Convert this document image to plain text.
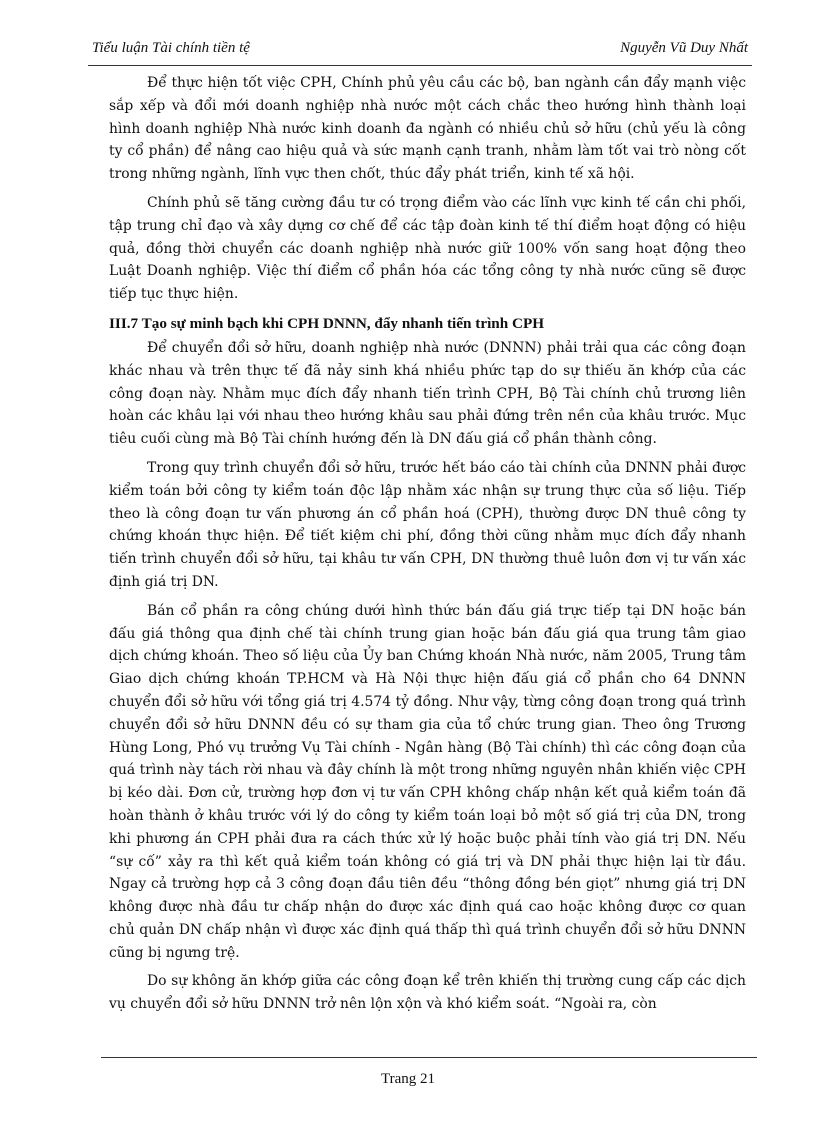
Tiểu luận Tài chính tiền tệ	Nguyễn Vũ Duy Nhất

Để thực hiện tốt việc CPH, Chính phủ yêu cầu các bộ, ban ngành cần đẩy mạnh việc sắp xếp và đổi mới doanh nghiệp nhà nước một cách chắc theo hướng hình thành loại hình doanh nghiệp Nhà nước kinh doanh đa ngành có nhiều chủ sở hữu (chủ yếu là công ty cổ phần) để nâng cao hiệu quả và sức mạnh cạnh tranh, nhằm làm tốt vai trò nòng cốt trong những ngành, lĩnh vực then chốt, thúc đẩy phát triển, kinh tế xã hội.

Chính phủ sẽ tăng cường đầu tư có trọng điểm vào các lĩnh vực kinh tế cần chi phối, tập trung chỉ đạo và xây dựng cơ chế để các tập đoàn kinh tế thí điểm hoạt động có hiệu quả, đồng thời chuyển các doanh nghiệp nhà nước giữ 100% vốn sang hoạt động theo Luật Doanh nghiệp. Việc thí điểm cổ phần hóa các tổng công ty nhà nước cũng sẽ được tiếp tục thực hiện.

III.7 Tạo sự minh bạch khi CPH DNNN, đẩy nhanh tiến trình CPH

Để chuyển đổi sở hữu, doanh nghiệp nhà nước (DNNN) phải trải qua các công đoạn khác nhau và trên thực tế đã nảy sinh khá nhiều phức tạp do sự thiếu ăn khớp của các công đoạn này. Nhằm mục đích đẩy nhanh tiến trình CPH, Bộ Tài chính chủ trương liên hoàn các khâu lại với nhau theo hướng khâu sau phải đứng trên nền của khâu trước. Mục tiêu cuối cùng mà Bộ Tài chính hướng đến là DN đấu giá cổ phần thành công.

Trong quy trình chuyển đổi sở hữu, trước hết báo cáo tài chính của DNNN phải được kiểm toán bởi công ty kiểm toán độc lập nhằm xác nhận sự trung thực của số liệu. Tiếp theo là công đoạn tư vấn phương án cổ phần hoá (CPH), thường được DN thuê công ty chứng khoán thực hiện. Để tiết kiệm chi phí, đồng thời cũng nhằm mục đích đẩy nhanh tiến trình chuyển đổi sở hữu, tại khâu tư vấn CPH, DN thường thuê luôn đơn vị tư vấn xác định giá trị DN.

Bán cổ phần ra công chúng dưới hình thức bán đấu giá trực tiếp tại DN hoặc bán đấu giá thông qua định chế tài chính trung gian hoặc bán đấu giá qua trung tâm giao dịch chứng khoán. Theo số liệu của Ủy ban Chứng khoán Nhà nước, năm 2005, Trung tâm Giao dịch chứng khoán TP.HCM và Hà Nội thực hiện đấu giá cổ phần cho 64 DNNN chuyển đổi sở hữu với tổng giá trị 4.574 tỷ đồng. Như vậy, từng công đoạn trong quá trình chuyển đổi sở hữu DNNN đều có sự tham gia của tổ chức trung gian. Theo ông Trương Hùng Long, Phó vụ trưởng Vụ Tài chính - Ngân hàng (Bộ Tài chính) thì các công đoạn của quá trình này tách rời nhau và đây chính là một trong những nguyên nhân khiến việc CPH bị kéo dài. Đơn cử, trường hợp đơn vị tư vấn CPH không chấp nhận kết quả kiểm toán đã hoàn thành ở khâu trước với lý do công ty kiểm toán loại bỏ một số giá trị của DN, trong khi phương án CPH phải đưa ra cách thức xử lý hoặc buộc phải tính vào giá trị DN. Nếu “sự cố” xảy ra thì kết quả kiểm toán không có giá trị và DN phải thực hiện lại từ đầu. Ngay cả trường hợp cả 3 công đoạn đầu tiên đều “thông đồng bén giọt” nhưng giá trị DN không được nhà đầu tư chấp nhận do được xác định quá cao hoặc không được cơ quan chủ quản DN chấp nhận vì được xác định quá thấp thì quá trình chuyển đổi sở hữu DNNN cũng bị ngưng trệ.

Do sự không ăn khớp giữa các công đoạn kể trên khiến thị trường cung cấp các dịch vụ chuyển đổi sở hữu DNNN trở nên lộn xộn và khó kiểm soát. “Ngoài ra, còn

Trang 21
